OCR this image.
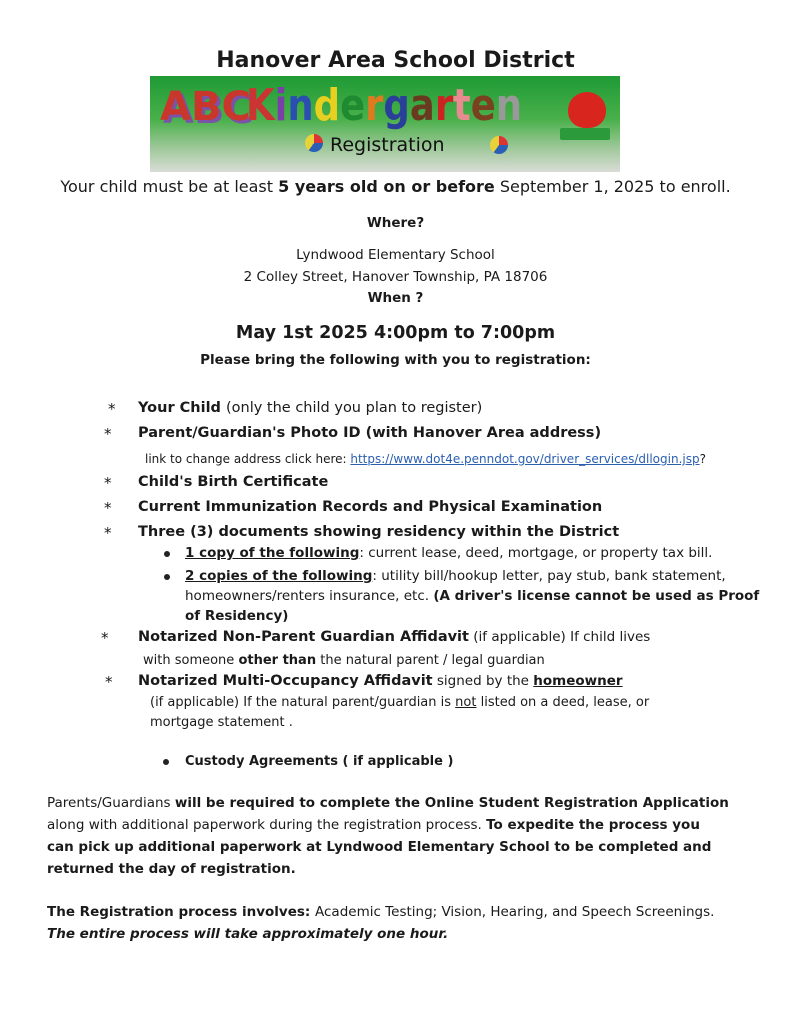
Hanover Area School District
ABC
Kindergarten
Registration
Your child must be at least 5 years old on or before September 1, 2025 to enroll.
Where?
Lyndwood Elementary School
2 Colley Street, Hanover Township, PA 18706
When ?
May 1st 2025 4:00pm to 7:00pm
Please bring the following with you to registration:
* Your Child (only the child you plan to register)
* Parent/Guardian's Photo ID (with Hanover Area address)
link to change address click here: https://www.dot4e.penndot.gov/driver_services/dllogin.jsp?
* Child's Birth Certificate
* Current Immunization Records and Physical Examination
* Three (3) documents showing residency within the District
1 copy of the following: current lease, deed, mortgage, or property tax bill.
2 copies of the following: utility bill/hookup letter, pay stub, bank statement,
homeowners/renters insurance, etc. (A driver's license cannot be used as Proof
of Residency)
* Notarized Non-Parent Guardian Affidavit (if applicable) If child lives
with someone other than the natural parent / legal guardian
* Notarized Multi-Occupancy Affidavit signed by the homeowner
(if applicable) If the natural parent/guardian is not listed on a deed, lease, or
mortgage statement .
Custody Agreements ( if applicable )
Parents/Guardians will be required to complete the Online Student Registration Application
along with additional paperwork during the registration process. To expedite the process you
can pick up additional paperwork at Lyndwood Elementary School to be completed and
returned the day of registration.
The Registration process involves: Academic Testing; Vision, Hearing, and Speech Screenings.
The entire process will take approximately one hour.
